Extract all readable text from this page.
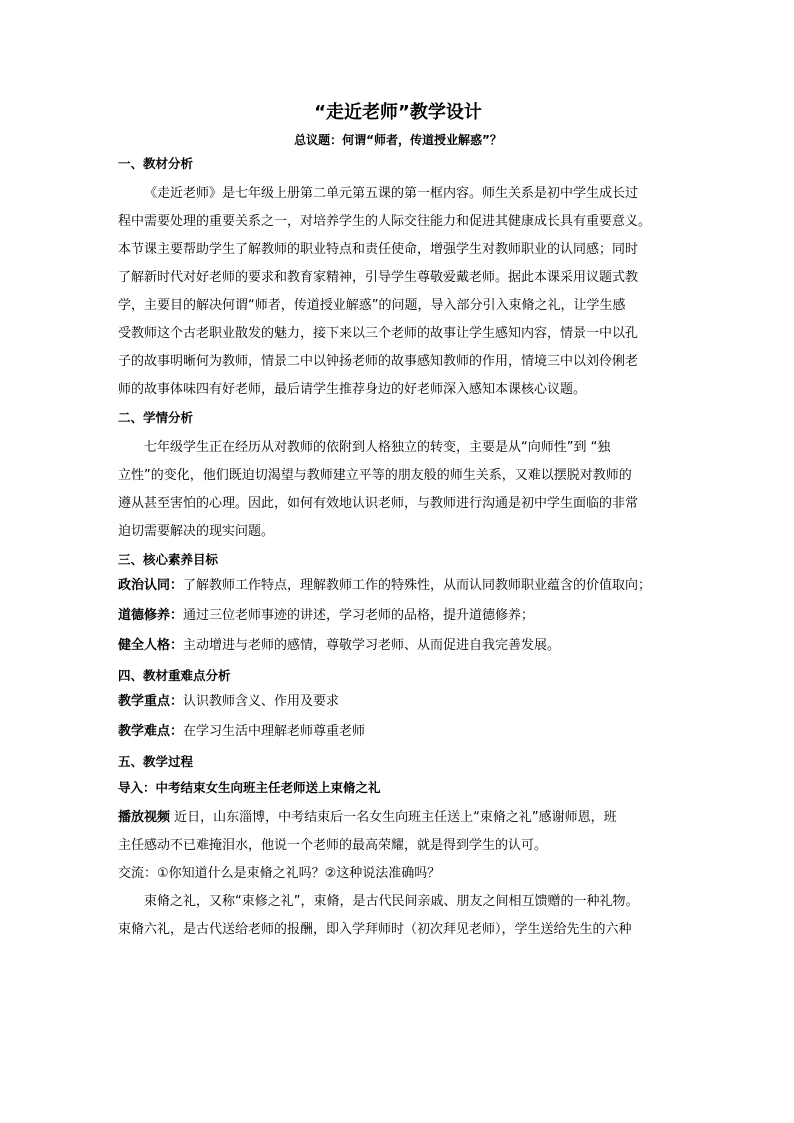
“走近老师”教学设计

总议题：何谓“师者，传道授业解惑”？

一、教材分析
《走近老师》是七年级上册第二单元第五课的第一框内容。师生关系是初中学生成长过
程中需要处理的重要关系之一，对培养学生的人际交往能力和促进其健康成长具有重要意义。
本节课主要帮助学生了解教师的职业特点和责任使命，增强学生对教师职业的认同感；同时
了解新时代对好老师的要求和教育家精神，引导学生尊敬爱戴老师。据此本课采用议题式教
学，主要目的解决何谓“师者，传道授业解惑”的问题，导入部分引入束脩之礼，让学生感
受教师这个古老职业散发的魅力，接下来以三个老师的故事让学生感知内容，情景一中以孔
子的故事明晰何为教师，情景二中以钟扬老师的故事感知教师的作用，情境三中以刘伶俐老
师的故事体味四有好老师，最后请学生推荐身边的好老师深入感知本课核心议题。
二、学情分析
七年级学生正在经历从对教师的依附到人格独立的转变，主要是从“向师性”到 “独
立性”的变化，他们既迫切渴望与教师建立平等的朋友般的师生关系，又难以摆脱对教师的
遵从甚至害怕的心理。因此，如何有效地认识老师，与教师进行沟通是初中学生面临的非常
迫切需要解决的现实问题。
三、核心素养目标
政治认同：了解教师工作特点，理解教师工作的特殊性，从而认同教师职业蕴含的价值取向；
道德修养：通过三位老师事迹的讲述，学习老师的品格，提升道德修养；
健全人格：主动增进与老师的感情，尊敬学习老师、从而促进自我完善发展。
四、教材重难点分析
教学重点：认识教师含义、作用及要求
教学难点：在学习生活中理解老师尊重老师
五、教学过程
导入：中考结束女生向班主任老师送上束脩之礼
播放视频 近日，山东淄博，中考结束后一名女生向班主任送上“束脩之礼”感谢师恩，班
主任感动不已难掩泪水，他说一个老师的最高荣耀，就是得到学生的认可。
交流：①你知道什么是束脩之礼吗？②这种说法准确吗？
束脩之礼，又称“束修之礼”，束脩，是古代民间亲戚、朋友之间相互馈赠的一种礼物。
束脩六礼，是古代送给老师的报酬，即入学拜师时（初次拜见老师），学生送给先生的六种
